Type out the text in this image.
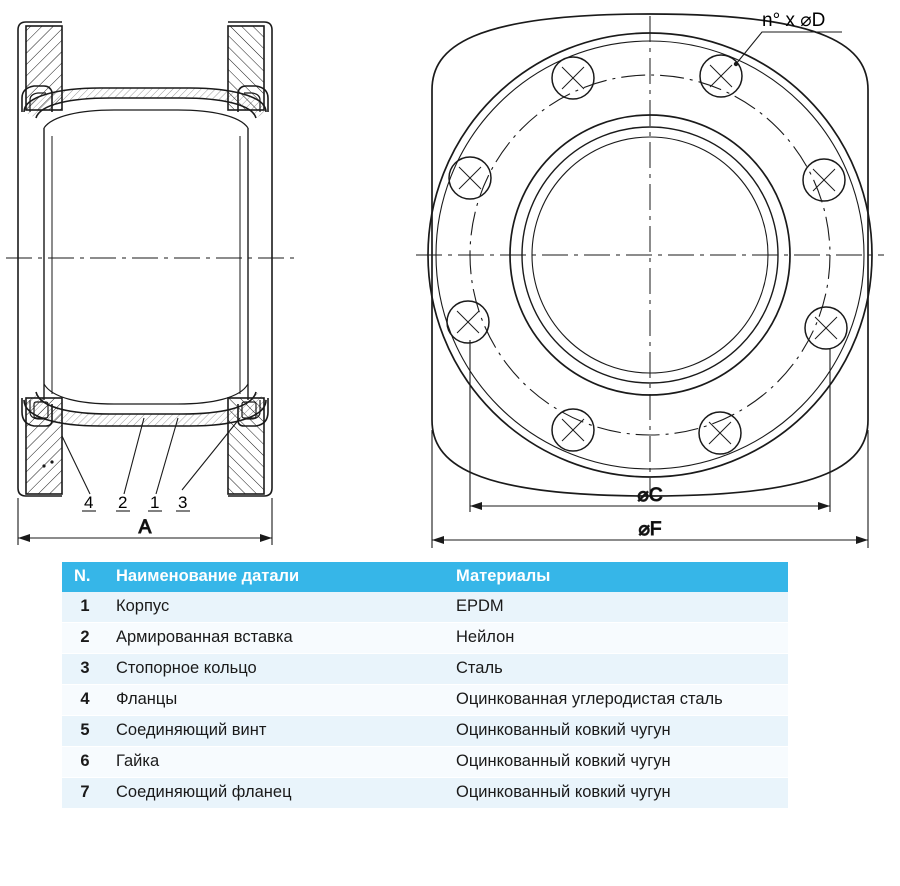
4 2 1 3
A
n° x ⌀D
⌀C
⌀F
N.	Наименование датали	Материалы
1	Корпус	EPDM
2	Армированная вставка	Нейлон
3	Стопорное кольцо	Сталь
4	Фланцы	Оцинкованная углеродистая сталь
5	Соединяющий винт	Оцинкованный ковкий чугун
6	Гайка	Оцинкованный ковкий чугун
7	Соединяющий фланец	Оцинкованный ковкий чугун
